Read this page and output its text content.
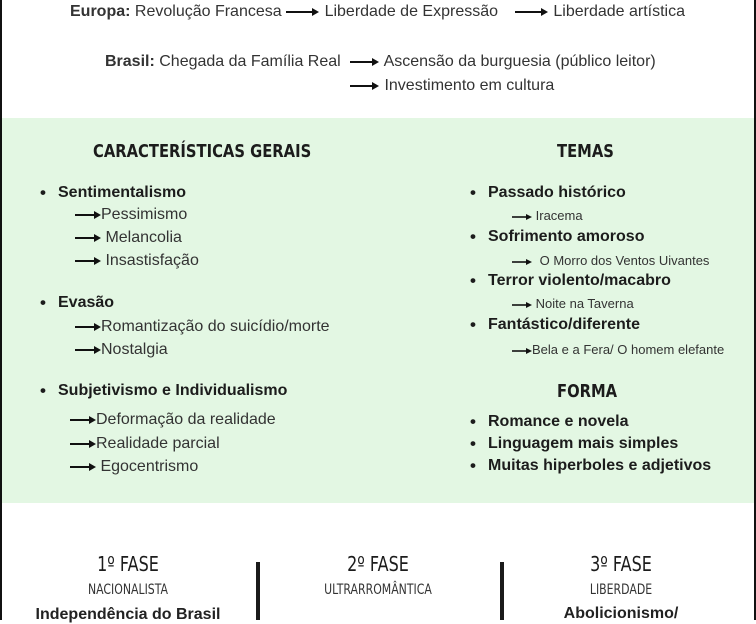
Europa: Revolução Francesa	Liberdade de Expressão	Liberdade artística
Brasil: Chegada da Família Real	Ascensão da burguesia (público leitor)
Investimento em cultura
CARACTERÍSTICAS GERAIS
• Sentimentalismo
Pessimismo
Melancolia
Insastisfação
• Evasão
Romantização do suicídio/morte
Nostalgia
• Subjetivismo e Individualismo
Deformação da realidade
Realidade parcial
Egocentrismo
TEMAS
• Passado histórico
Iracema
• Sofrimento amoroso
O Morro dos Ventos Uivantes
• Terror violento/macabro
Noite na Taverna
• Fantástico/diferente
Bela e a Fera/ O homem elefante
FORMA
• Romance e novela
• Linguagem mais simples
• Muitas hiperboles e adjetivos
1º FASE
NACIONALISTA
Independência do Brasil
2º FASE
ULTRARROMÂNTICA
3º FASE
LIBERDADE
Abolicionismo/
